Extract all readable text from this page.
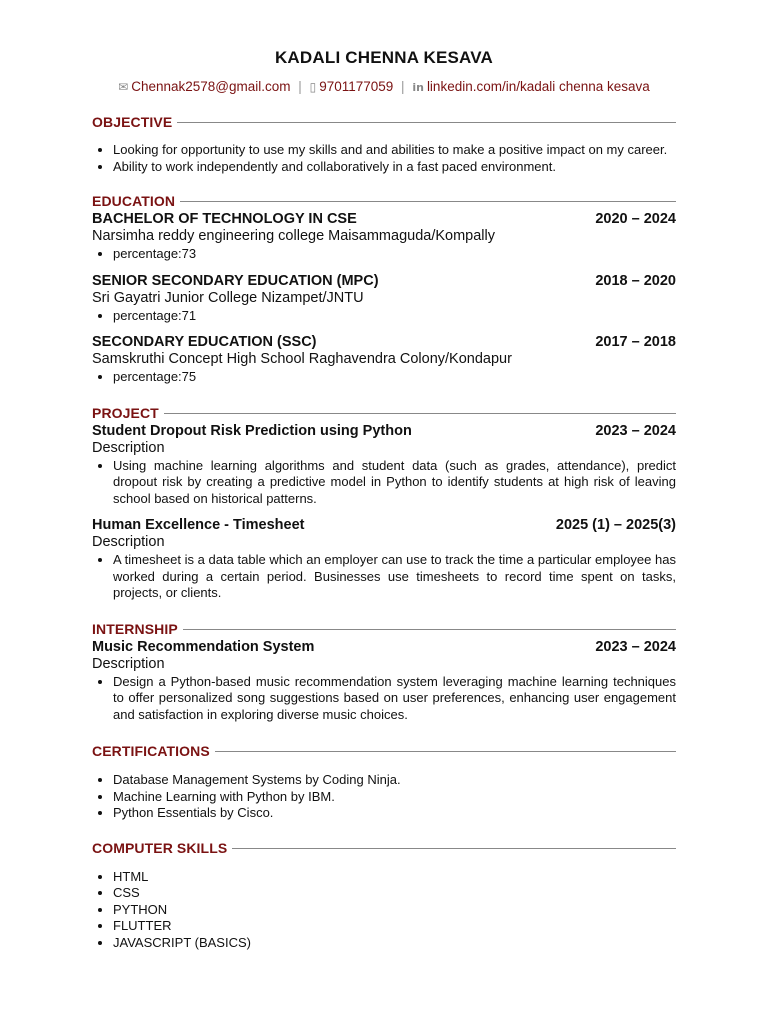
KADALI CHENNA KESAVA
✉ Chennak2578@gmail.com | ▯ 9701177059 | in linkedin.com/in/kadali chenna kesava
OBJECTIVE
• Looking for opportunity to use my skills and and abilities to make a positive impact on my career.
• Ability to work independently and collaboratively in a fast paced environment.
EDUCATION
BACHELOR OF TECHNOLOGY IN CSE	2020 – 2024
Narsimha reddy engineering college Maisammaguda/Kompally
• percentage:73
SENIOR SECONDARY EDUCATION (MPC)	2018 – 2020
Sri Gayatri Junior College Nizampet/JNTU
• percentage:71
SECONDARY EDUCATION (SSC)	2017 – 2018
Samskruthi Concept High School Raghavendra Colony/Kondapur
• percentage:75
PROJECT
Student Dropout Risk Prediction using Python	2023 – 2024
Description
• Using machine learning algorithms and student data (such as grades, attendance), predict dropout risk by creating a predictive model in Python to identify students at high risk of leaving school based on historical patterns.
Human Excellence - Timesheet	2025 (1) – 2025(3)
Description
• A timesheet is a data table which an employer can use to track the time a particular employee has worked during a certain period. Businesses use timesheets to record time spent on tasks, projects, or clients.
INTERNSHIP
Music Recommendation System	2023 – 2024
Description
• Design a Python-based music recommendation system leveraging machine learning techniques to offer personalized song suggestions based on user preferences, enhancing user engagement and satisfaction in exploring diverse music choices.
CERTIFICATIONS
• Database Management Systems by Coding Ninja.
• Machine Learning with Python by IBM.
• Python Essentials by Cisco.
COMPUTER SKILLS
• HTML
• CSS
• PYTHON
• FLUTTER
• JAVASCRIPT (BASICS)
